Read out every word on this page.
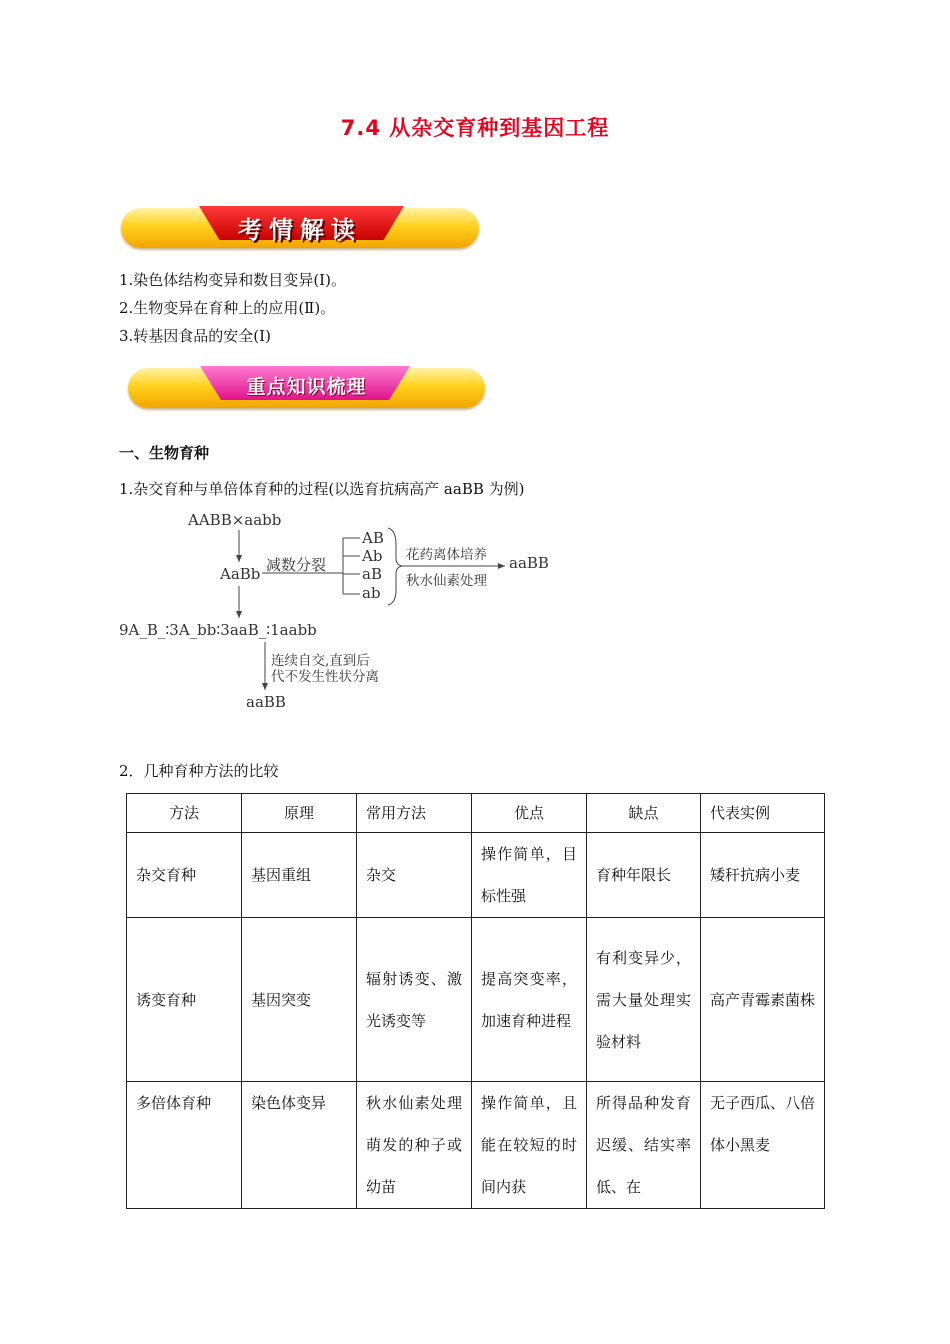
7.4 从杂交育种到基因工程
考情解读
1.染色体结构变异和数目变异(Ⅰ)。
2.生物变异在育种上的应用(Ⅱ)。
3.转基因食品的安全(Ⅰ)
重点知识梳理
一、生物育种
1.杂交育种与单倍体育种的过程(以选育抗病高产 aaBB 为例)
AABB×aabb
AaBb 减数分裂
AB
Ab
aB
ab
花药离体培养
秋水仙素处理
aaBB
9A_B_∶3A_bb∶3aaB_∶1aabb
连续自交,直到后
代不发生性状分离
aaBB
2．几种育种方法的比较
方法	原理	常用方法	优点	缺点	代表实例
杂交育种	基因重组	杂交	操作简单，目标性强	育种年限长	矮秆抗病小麦
诱变育种	基因突变	辐射诱变、激光诱变等	提高突变率，加速育种进程	有利变异少，需大量处理实验材料	高产青霉素菌株
多倍体育种	染色体变异	秋水仙素处理萌发的种子或幼苗	操作简单，且能在较短的时间内获	所得品种发育迟缓、结实率低、在	无子西瓜、八倍体小黑麦
